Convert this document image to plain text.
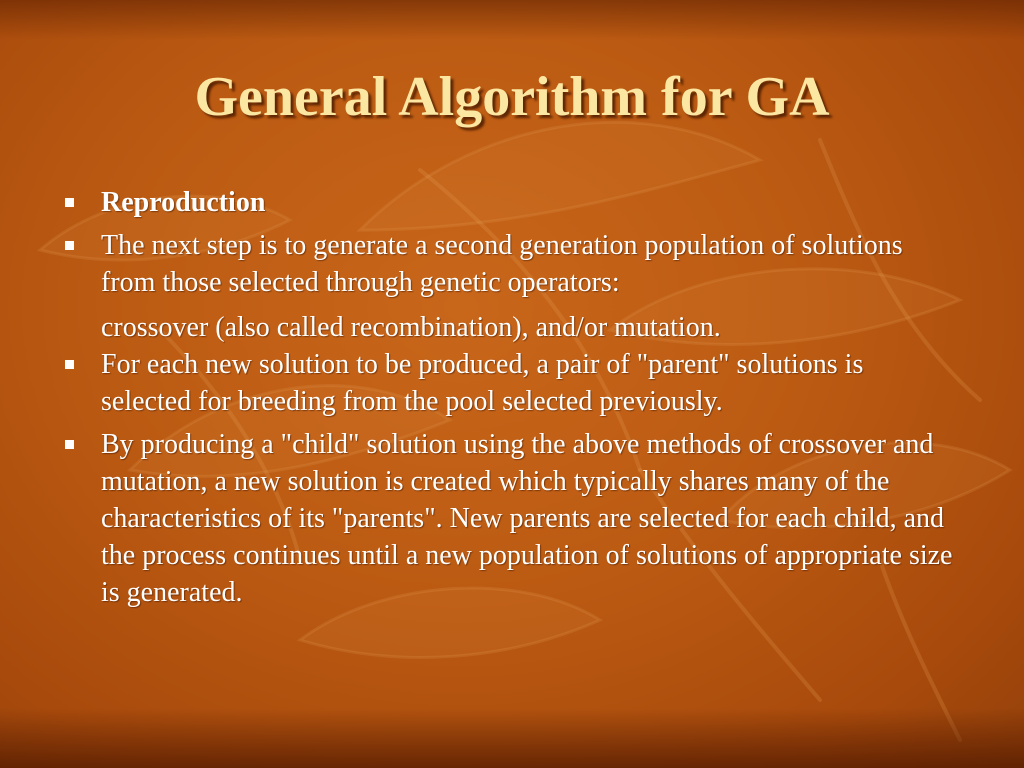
General Algorithm for GA
Reproduction
The next step is to generate a second generation population of solutions from those selected through genetic operators:
crossover (also called recombination), and/or mutation.
For each new solution to be produced, a pair of "parent" solutions is selected for breeding from the pool selected previously.
By producing a "child" solution using the above methods of crossover and mutation, a new solution is created which typically shares many of the characteristics of its "parents". New parents are selected for each child, and the process continues until a new population of solutions of appropriate size is generated.
